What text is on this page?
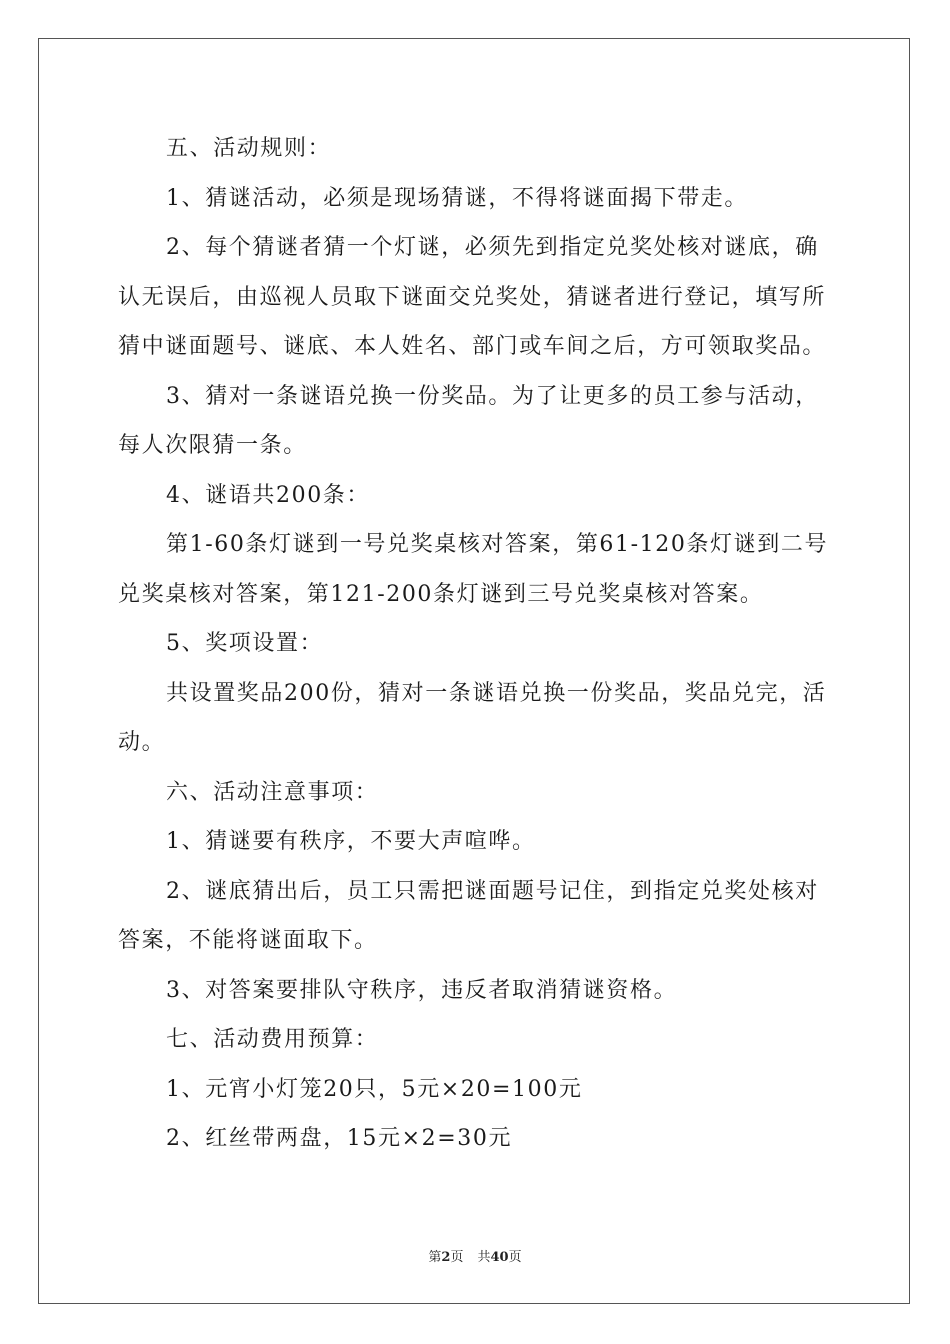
五、活动规则：

1、猜谜活动，必须是现场猜谜，不得将谜面揭下带走。

2、每个猜谜者猜一个灯谜，必须先到指定兑奖处核对谜底，确认无误后，由巡视人员取下谜面交兑奖处，猜谜者进行登记，填写所猜中谜面题号、谜底、本人姓名、部门或车间之后，方可领取奖品。

3、猜对一条谜语兑换一份奖品。为了让更多的员工参与活动，每人次限猜一条。

4、谜语共200条：

第1-60条灯谜到一号兑奖桌核对答案，第61-120条灯谜到二号兑奖桌核对答案，第121-200条灯谜到三号兑奖桌核对答案。

5、奖项设置：

共设置奖品200份，猜对一条谜语兑换一份奖品，奖品兑完，活动。

六、活动注意事项：

1、猜谜要有秩序，不要大声喧哗。

2、谜底猜出后，员工只需把谜面题号记住，到指定兑奖处核对答案，不能将谜面取下。

3、对答案要排队守秩序，违反者取消猜谜资格。

七、活动费用预算：

1、元宵小灯笼20只，5元×20=100元

2、红丝带两盘，15元×2=30元

第2页 共40页
